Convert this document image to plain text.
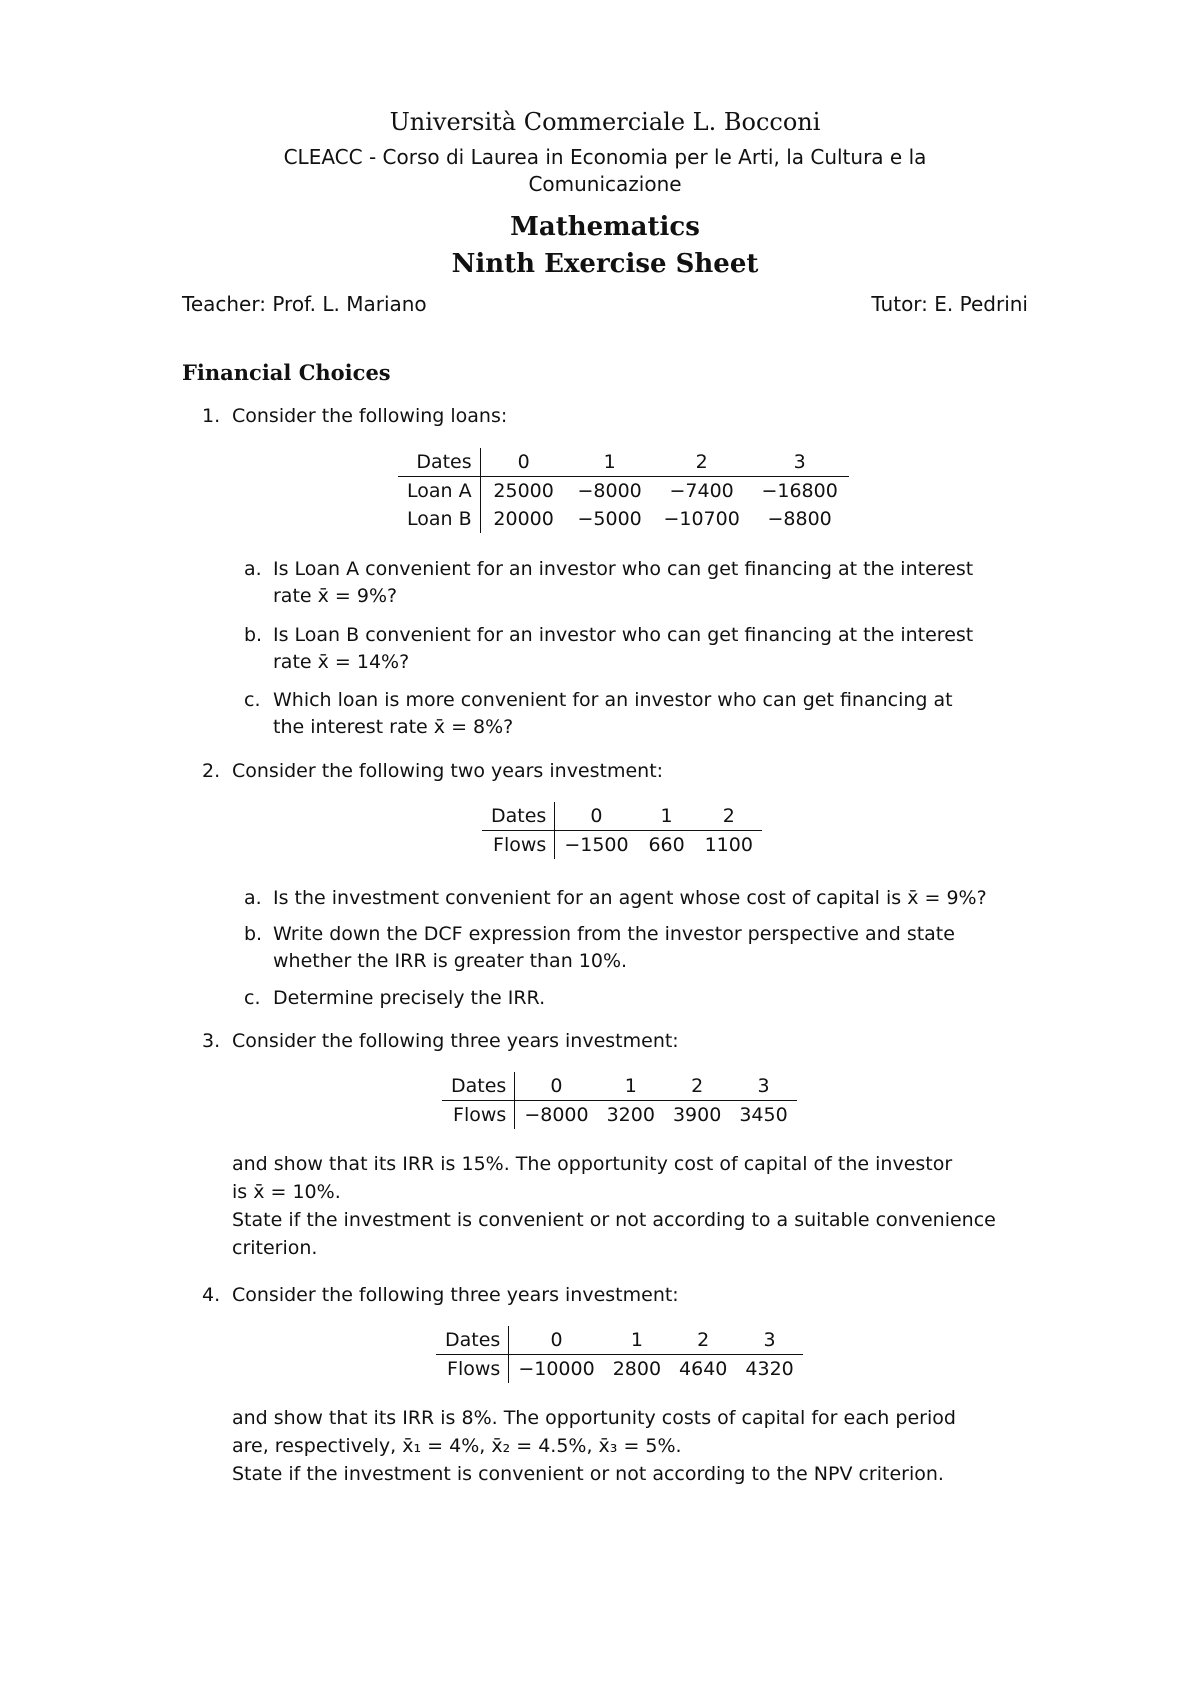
Università Commerciale L. Bocconi
CLEACC - Corso di Laurea in Economia per le Arti, la Cultura e la
Comunicazione
Mathematics
Ninth Exercise Sheet
Teacher: Prof. L. Mariano	Tutor: E. Pedrini
Financial Choices
1. Consider the following loans:
Dates	0	1	2	3
Loan A	25000	−8000	−7400	−16800
Loan B	20000	−5000	−10700	−8800
a. Is Loan A convenient for an investor who can get financing at the interest
rate x̄ = 9%?
b. Is Loan B convenient for an investor who can get financing at the interest
rate x̄ = 14%?
c. Which loan is more convenient for an investor who can get financing at
the interest rate x̄ = 8%?
2. Consider the following two years investment:
Dates	0	1	2
Flows	−1500	660	1100
a. Is the investment convenient for an agent whose cost of capital is x̄ = 9%?
b. Write down the DCF expression from the investor perspective and state
whether the IRR is greater than 10%.
c. Determine precisely the IRR.
3. Consider the following three years investment:
Dates	0	1	2	3
Flows	−8000	3200	3900	3450
and show that its IRR is 15%. The opportunity cost of capital of the investor
is x̄ = 10%.
State if the investment is convenient or not according to a suitable convenience
criterion.
4. Consider the following three years investment:
Dates	0	1	2	3
Flows	−10000	2800	4640	4320
and show that its IRR is 8%. The opportunity costs of capital for each period
are, respectively, x̄₁ = 4%, x̄₂ = 4.5%, x̄₃ = 5%.
State if the investment is convenient or not according to the NPV criterion.
